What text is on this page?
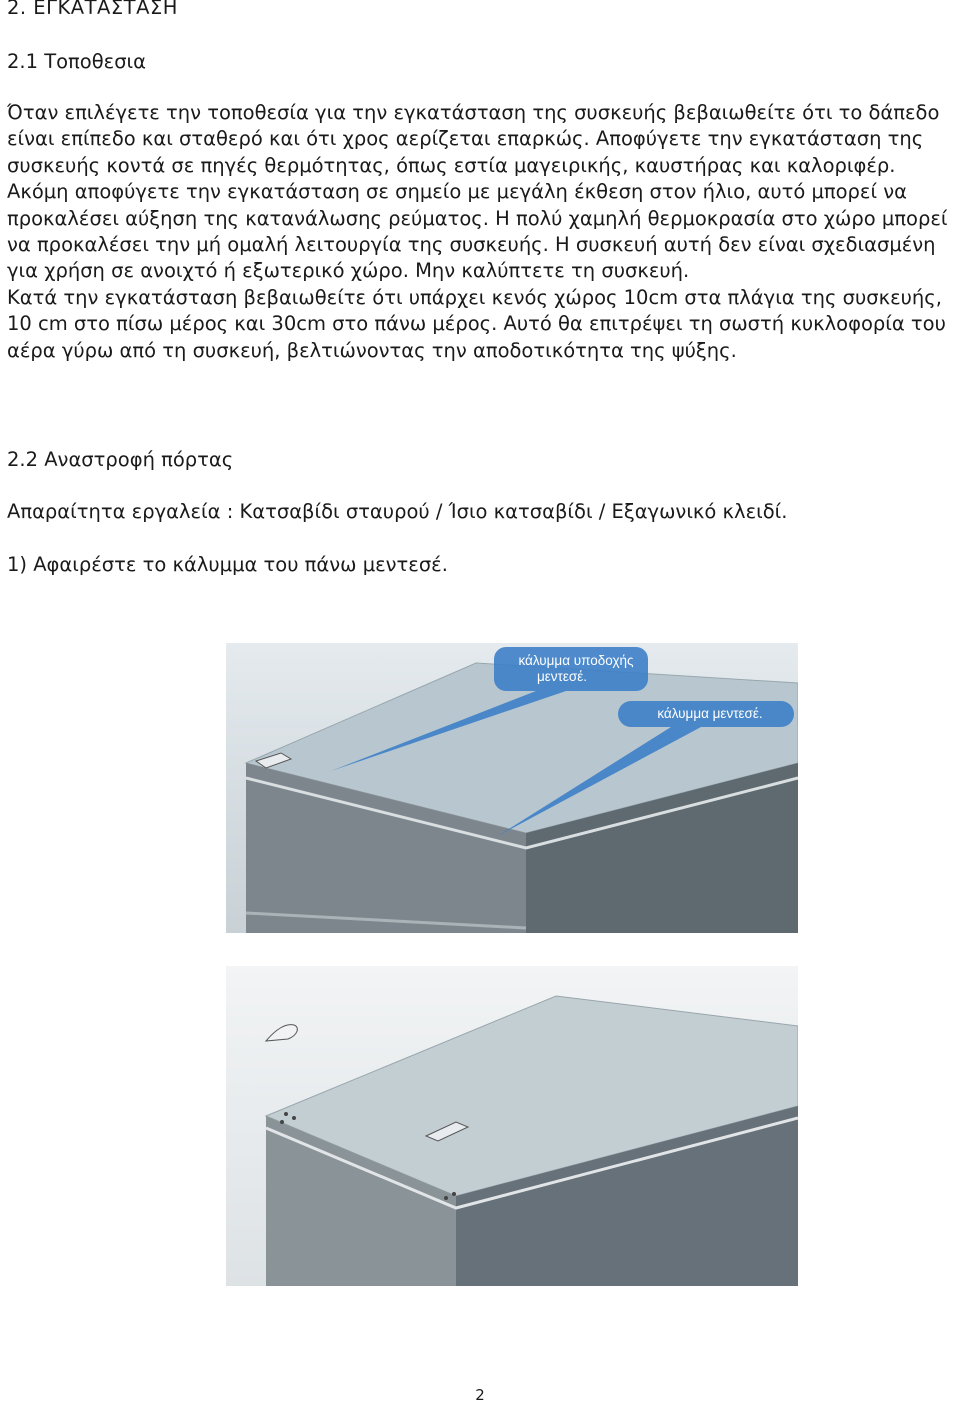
2. ΕΓΚΑΤΑΣΤΑΣΗ
2.1 Τοποθεσια
Όταν επιλέγετε την τοποθεσία για την εγκατάσταση της συσκευής βεβαιωθείτε ότι το δάπεδο είναι επίπεδο και σταθερό και ότι χρος αερίζεται επαρκώς. Αποφύγετε την εγκατάσταση της συσκευής κοντά σε πηγές θερμότητας, όπως εστία μαγειρικής, καυστήρας και καλοριφέρ. Ακόμη αποφύγετε την εγκατάσταση σε σημείο με μεγάλη έκθεση στον ήλιο, αυτό μπορεί να προκαλέσει αύξηση της κατανάλωσης ρεύματος. Η πολύ χαμηλή θερμοκρασία στο χώρο μπορεί να προκαλέσει την μή ομαλή λειτουργία της συσκευής. Η συσκευή αυτή δεν είναι σχεδιασμένη για χρήση σε ανοιχτό ή εξωτερικό χώρο. Μην καλύπτετε τη συσκευή.
Κατά την εγκατάσταση βεβαιωθείτε ότι υπάρχει κενός χώρος 10cm στα πλάγια της συσκευής, 10 cm στο πίσω μέρος και 30cm στο πάνω μέρος. Αυτό θα επιτρέψει τη σωστή κυκλοφορία του αέρα γύρω από τη συσκευή, βελτιώνοντας την αποδοτικότητα της ψύξης.
2.2 Αναστροφή πόρτας
Απαραίτητα εργαλεία : Κατσαβίδι σταυρού / Ίσιο κατσαβίδι / Εξαγωνικό κλειδί.
1) Αφαιρέστε το κάλυμμα του πάνω μεντεσέ.
κάλυμμα υποδοχής
μεντεσέ.
κάλυμμα μεντεσέ.
2
